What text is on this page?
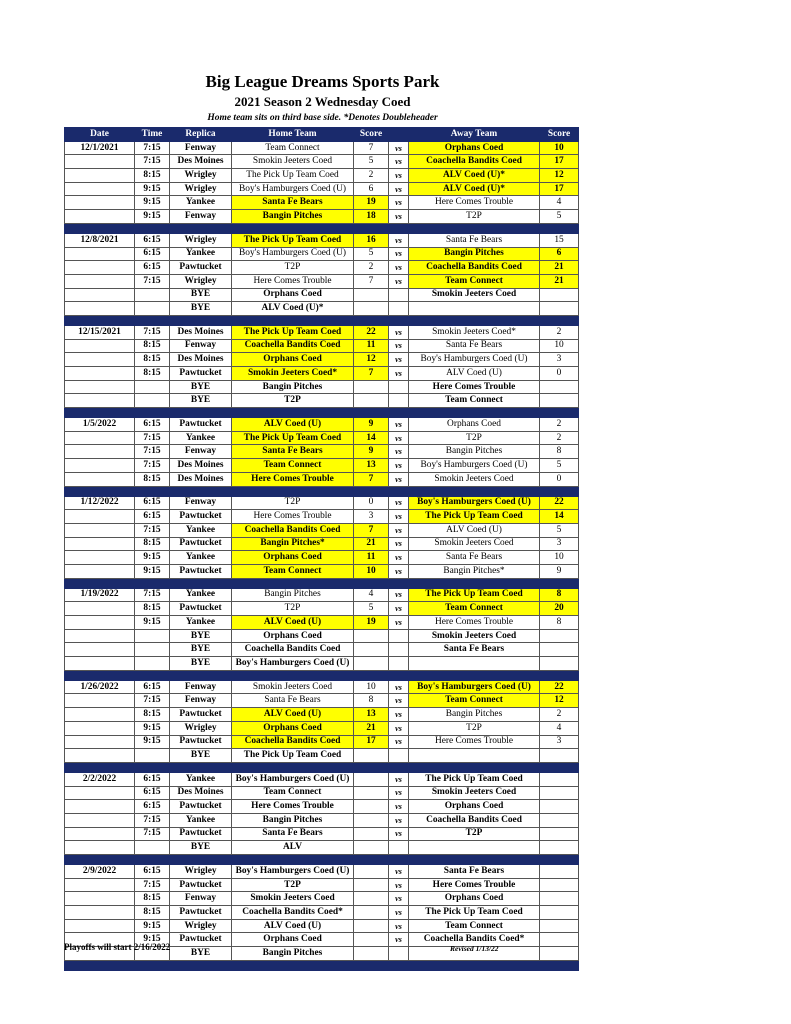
Big League Dreams Sports Park
2021 Season 2 Wednesday Coed
Home team sits on third base side. *Denotes Doubleheader
Date	Time	Replica	Home Team	Score		Away Team	Score
12/1/2021	7:15	Fenway	Team Connect	7	vs	Orphans Coed	10
	7:15	Des Moines	Smokin Jeeters Coed	5	vs	Coachella Bandits Coed	17
	8:15	Wrigley	The Pick Up Team Coed	2	vs	ALV Coed (U)*	12
	9:15	Wrigley	Boy's Hamburgers Coed (U)	6	vs	ALV Coed (U)*	17
	9:15	Yankee	Santa Fe Bears	19	vs	Here Comes Trouble	4
	9:15	Fenway	Bangin Pitches	18	vs	T2P	5

12/8/2021	6:15	Wrigley	The Pick Up Team Coed	16	vs	Santa Fe Bears	15
	6:15	Yankee	Boy's Hamburgers Coed (U)	5	vs	Bangin Pitches	6
	6:15	Pawtucket	T2P	2	vs	Coachella Bandits Coed	21
	7:15	Wrigley	Here Comes Trouble	7	vs	Team Connect	21
		BYE	Orphans Coed			Smokin Jeeters Coed	
		BYE	ALV Coed (U)*				

12/15/2021	7:15	Des Moines	The Pick Up Team Coed	22	vs	Smokin Jeeters Coed*	2
	8:15	Fenway	Coachella Bandits Coed	11	vs	Santa Fe Bears	10
	8:15	Des Moines	Orphans Coed	12	vs	Boy's Hamburgers Coed (U)	3
	8:15	Pawtucket	Smokin Jeeters Coed*	7	vs	ALV Coed (U)	0
		BYE	Bangin Pitches			Here Comes Trouble	
		BYE	T2P			Team Connect	

1/5/2022	6:15	Pawtucket	ALV Coed (U)	9	vs	Orphans Coed	2
	7:15	Yankee	The Pick Up Team Coed	14	vs	T2P	2
	7:15	Fenway	Santa Fe Bears	9	vs	Bangin Pitches	8
	7:15	Des Moines	Team Connect	13	vs	Boy's Hamburgers Coed (U)	5
	8:15	Des Moines	Here Comes Trouble	7	vs	Smokin Jeeters Coed	0

1/12/2022	6:15	Fenway	T2P	0	vs	Boy's Hamburgers Coed (U)	22
	6:15	Pawtucket	Here Comes Trouble	3	vs	The Pick Up Team Coed	14
	7:15	Yankee	Coachella Bandits Coed	7	vs	ALV Coed (U)	5
	8:15	Pawtucket	Bangin Pitches*	21	vs	Smokin Jeeters Coed	3
	9:15	Yankee	Orphans Coed	11	vs	Santa Fe Bears	10
	9:15	Pawtucket	Team Connect	10	vs	Bangin Pitches*	9

1/19/2022	7:15	Yankee	Bangin Pitches	4	vs	The Pick Up Team Coed	8
	8:15	Pawtucket	T2P	5	vs	Team Connect	20
	9:15	Yankee	ALV Coed (U)	19	vs	Here Comes Trouble	8
		BYE	Orphans Coed			Smokin Jeeters Coed	
		BYE	Coachella Bandits Coed			Santa Fe Bears	
		BYE	Boy's Hamburgers Coed (U)				

1/26/2022	6:15	Fenway	Smokin Jeeters Coed	10	vs	Boy's Hamburgers Coed (U)	22
	7:15	Fenway	Santa Fe Bears	8	vs	Team Connect	12
	8:15	Pawtucket	ALV Coed (U)	13	vs	Bangin Pitches	2
	9:15	Wrigley	Orphans Coed	21	vs	T2P	4
	9:15	Pawtucket	Coachella Bandits Coed	17	vs	Here Comes Trouble	3
		BYE	The Pick Up Team Coed				

2/2/2022	6:15	Yankee	Boy's Hamburgers Coed (U)		vs	The Pick Up Team Coed	
	6:15	Des Moines	Team Connect		vs	Smokin Jeeters Coed	
	6:15	Pawtucket	Here Comes Trouble		vs	Orphans Coed	
	7:15	Yankee	Bangin Pitches		vs	Coachella Bandits Coed	
	7:15	Pawtucket	Santa Fe Bears		vs	T2P	
		BYE	ALV				

2/9/2022	6:15	Wrigley	Boy's Hamburgers Coed (U)		vs	Santa Fe Bears	
	7:15	Pawtucket	T2P		vs	Here Comes Trouble	
	8:15	Fenway	Smokin Jeeters Coed		vs	Orphans Coed	
	8:15	Pawtucket	Coachella Bandits Coed*		vs	The Pick Up Team Coed	
	9:15	Wrigley	ALV Coed (U)		vs	Team Connect	
	9:15	Pawtucket	Orphans Coed		vs	Coachella Bandits Coed*	
		BYE	Bangin Pitches				

Playoffs will start 2/16/2022	Revised 1/13/22
